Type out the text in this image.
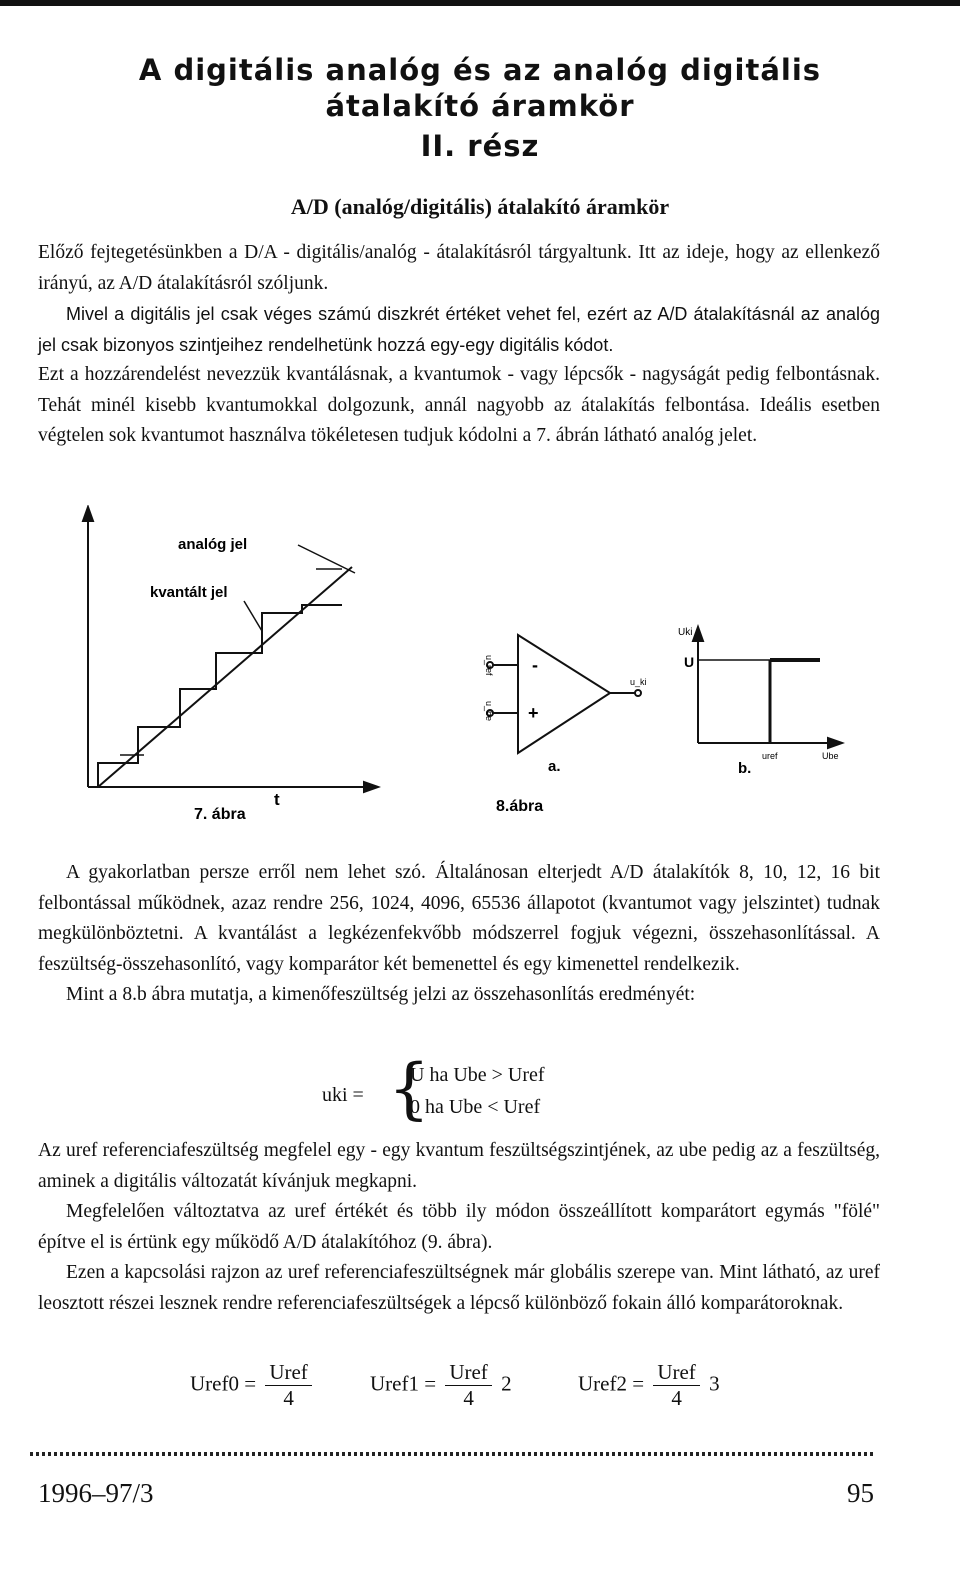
A digitális analóg és az analóg digitális
átalakító áramkör
II. rész
A/D (analóg/digitális) átalakító áramkör
Előző fejtegetésünkben a D/A - digitális/analóg - átalakításról tárgyaltunk. Itt az ideje, hogy az ellenkező irányú, az A/D átalakításról szóljunk.
Mivel a digitális jel csak véges számú diszkrét értéket vehet fel, ezért az A/D átalakításnál az analóg jel csak bizonyos szintjeihez rendelhetünk hozzá egy-egy digitális kódot.
Ezt a hozzárendelést nevezzük kvantálásnak, a kvantumok - vagy lépcsők - nagyságát pedig felbontásnak. Tehát minél kisebb kvantumokkal dolgozunk, annál nagyobb az átalakítás felbontása. Ideális esetben végtelen sok kvantumot használva tökéletesen tudjuk kódolni a 7. ábrán látható analóg jelet.
analóg jel
kvantált jel
t
7. ábra
-
+
u_ref
u_be
u_ki
a.	b.
Uki
U
uref	Ube
8.ábra
A gyakorlatban persze erről nem lehet szó. Általánosan elterjedt A/D átalakítók 8, 10, 12, 16 bit felbontással működnek, azaz rendre 256, 1024, 4096, 65536 állapotot (kvantumot vagy jelszintet) tudnak megkülönböztetni. A kvantálást a legkézenfekvőbb módszerrel fogjuk végezni, összehasonlítással. A feszültség-összehasonlító, vagy komparátor két bemenettel és egy kimenettel rendelkezik.
Mint a 8.b ábra mutatja, a kimenőfeszültség jelzi az összehasonlítás eredményét:
uki = {
U ha Ube > Uref
0 ha Ube < Uref
Az uref referenciafeszültség megfelel egy - egy kvantum feszültségszintjének, az ube pedig az a feszültség, aminek a digitális változatát kívánjuk megkapni.
Megfelelően változtatva az uref értékét és több ily módon összeállított komparátort egymás "fölé" építve el is értünk egy működő A/D átalakítóhoz (9. ábra).
Ezen a kapcsolási rajzon az uref referenciafeszültségnek már globális szerepe van. Mint látható, az uref leosztott részei lesznek rendre referenciafeszültségek a lépcső különböző fokain álló komparátoroknak.
Uref0 = $\frac{\text{Uref}}{4}$	Uref1 = $\frac{\text{Uref}}{4} 2$	Uref2 = $\frac{\text{Uref}}{4} 3$
1996–97/3	95
